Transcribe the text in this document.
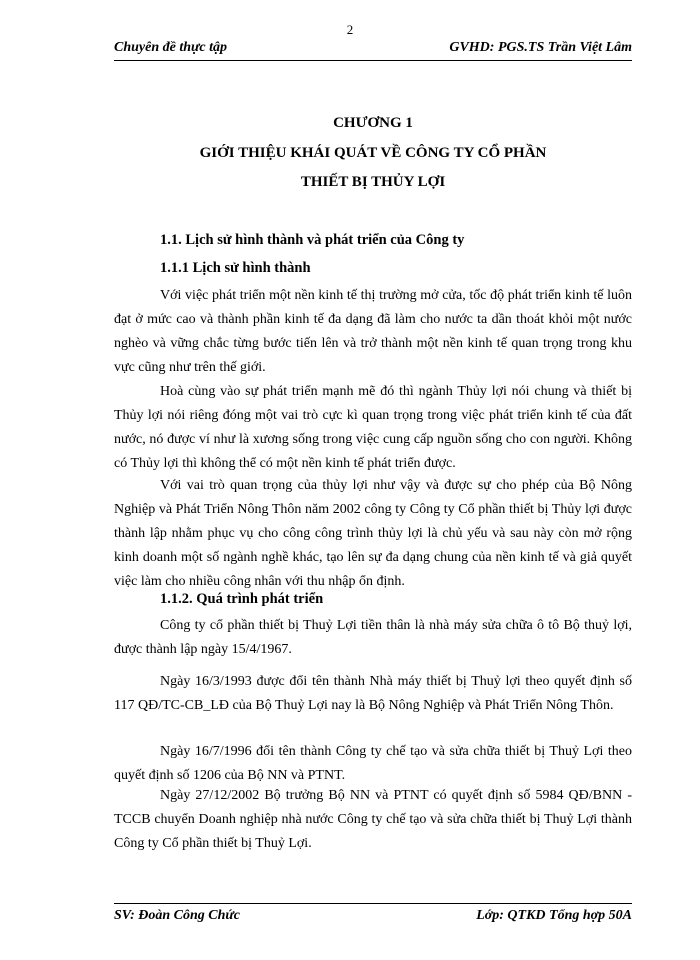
2
Chuyên đề thực tập	GVHD: PGS.TS Trần Việt Lâm
CHƯƠNG 1
GIỚI THIỆU KHÁI QUÁT VỀ CÔNG TY CỔ PHẦN
THIẾT BỊ THỦY LỢI
1.1. Lịch sử hình thành và phát triển của Công ty
1.1.1 Lịch sử hình thành

Với việc phát triển một nền kinh tế thị trường mở cửa, tốc độ phát triển kinh tế luôn đạt ở mức cao và thành phần kinh tế đa dạng đã làm cho nước ta dần thoát khỏi một nước nghèo và vững chắc từng bước tiến lên và trở thành một nền kinh tế quan trọng trong khu vực cũng như trên thế giới.

Hoà cùng vào sự phát triển mạnh mẽ đó thì ngành Thủy lợi nói chung và thiết bị Thủy lợi nói riêng đóng một vai trò cực kì quan trọng trong việc phát triển kinh tế của đất nước, nó được ví như là xương sống trong việc cung cấp nguồn sống cho con người. Không có Thủy lợi thì không thể có một nền kinh tế phát triển được.

Với vai trò quan trọng của thủy lợi như vậy và được sự cho phép của Bộ Nông Nghiệp và Phát Triển Nông Thôn năm 2002 công ty Công ty Cổ phần thiết bị Thủy lợi được thành lập nhằm phục vụ cho công công trình thủy lợi là chủ yếu và sau này còn mở rộng kinh doanh một số ngành nghề khác, tạo lên sự đa dạng chung của nền kinh tế và giả quyết việc làm cho nhiều công nhân với thu nhập ổn định.

1.1.2. Quá trình phát triển

Công ty cổ phần thiết bị Thuỷ Lợi tiền thân là nhà máy sửa chữa ô tô Bộ thuỷ lợi, được thành lập ngày 15/4/1967.

Ngày 16/3/1993 được đổi tên thành Nhà máy thiết bị Thuỷ lợi theo quyết định số 117 QĐ/TC-CB_LĐ của Bộ Thuỷ Lợi nay là Bộ Nông Nghiệp và Phát Triển Nông Thôn.

Ngày 16/7/1996 đổi tên thành Công ty chế tạo và sửa chữa thiết bị Thuỷ Lợi theo quyết định số 1206 của Bộ NN và PTNT.

Ngày 27/12/2002 Bộ trưởng Bộ NN và PTNT có quyết định số 5984 QĐ/BNN - TCCB chuyển Doanh nghiệp nhà nước Công ty chế tạo và sửa chữa thiết bị Thuỷ Lợi thành Công ty Cổ phần thiết bị Thuỷ Lợi.

SV: Đoàn Công Chức	Lớp: QTKD Tổng hợp 50A
